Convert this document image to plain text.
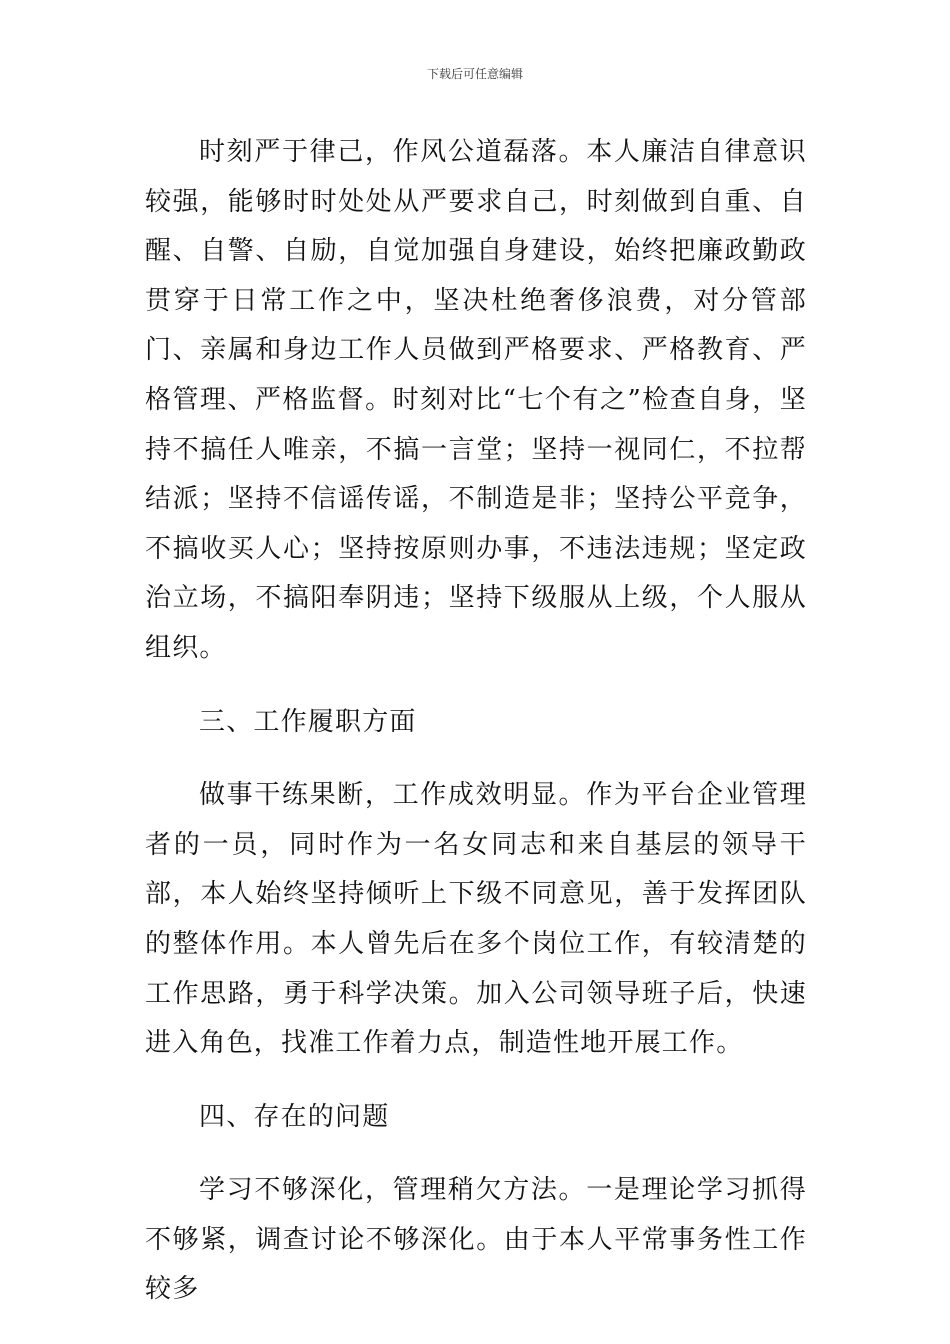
下载后可任意编辑

时刻严于律己，作风公道磊落。本人廉洁自律意识较强，能够时时处处从严要求自己，时刻做到自重、自醒、自警、自励，自觉加强自身建设，始终把廉政勤政贯穿于日常工作之中，坚决杜绝奢侈浪费，对分管部门、亲属和身边工作人员做到严格要求、严格教育、严格管理、严格监督。时刻对比“七个有之”检查自身，坚持不搞任人唯亲，不搞一言堂；坚持一视同仁，不拉帮结派；坚持不信谣传谣，不制造是非；坚持公平竞争，不搞收买人心；坚持按原则办事，不违法违规；坚定政治立场，不搞阳奉阴违；坚持下级服从上级，个人服从组织。

三、工作履职方面

做事干练果断，工作成效明显。作为平台企业管理者的一员，同时作为一名女同志和来自基层的领导干部，本人始终坚持倾听上下级不同意见，善于发挥团队的整体作用。本人曾先后在多个岗位工作，有较清楚的工作思路，勇于科学决策。加入公司领导班子后，快速进入角色，找准工作着力点，制造性地开展工作。

四、存在的问题

学习不够深化，管理稍欠方法。一是理论学习抓得不够紧，调查讨论不够深化。由于本人平常事务性工作较多
